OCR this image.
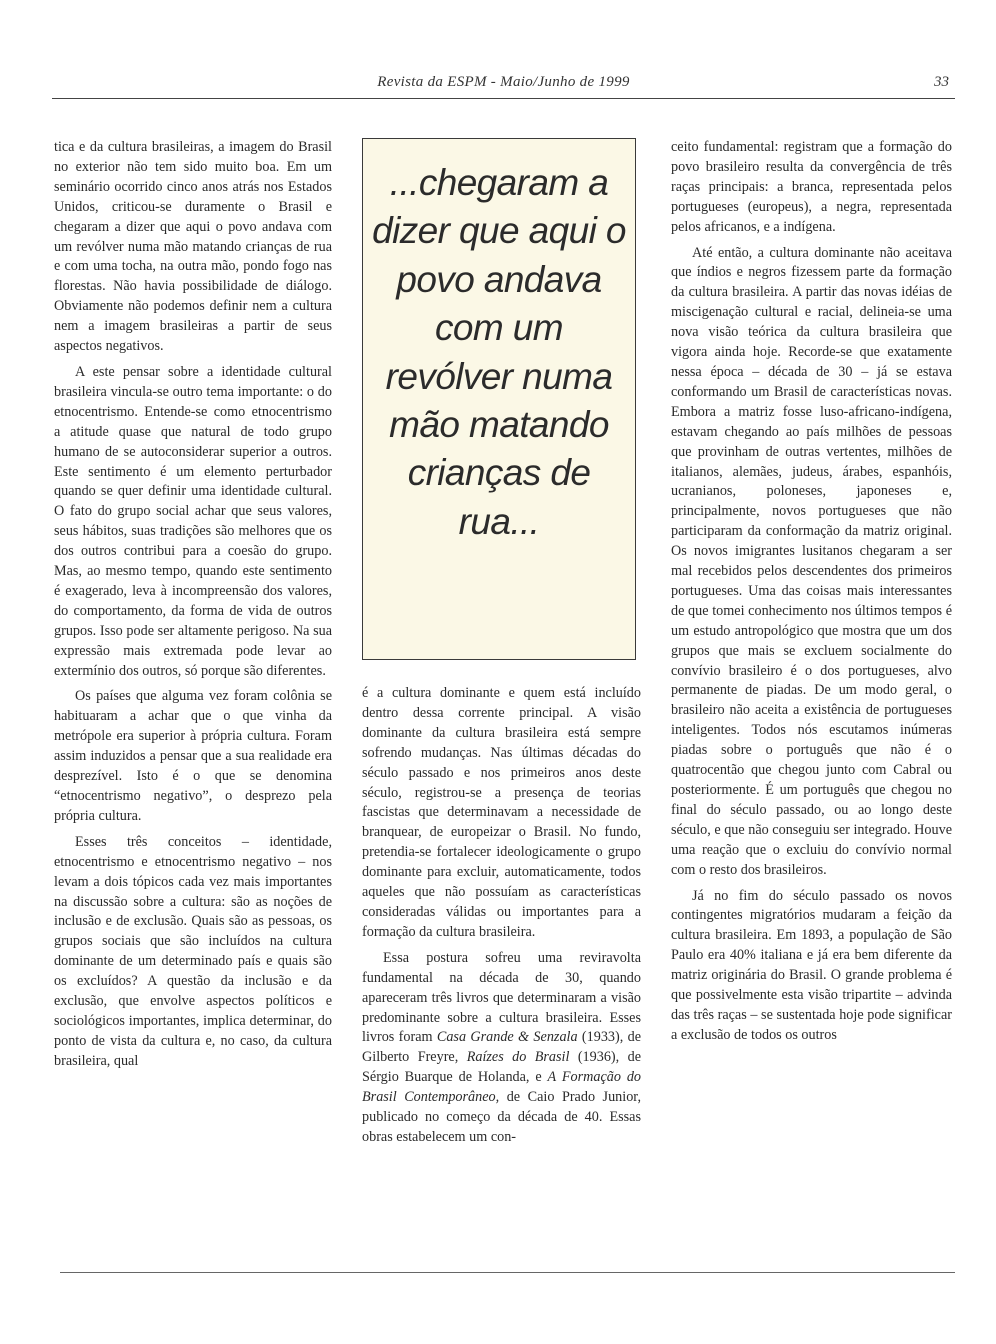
Revista da ESPM - Maio/Junho de 1999	33

tica e da cultura brasileiras, a imagem do Brasil no exterior não tem sido muito boa. Em um seminário ocorrido cinco anos atrás nos Estados Unidos, criticou-se duramente o Brasil e chegaram a dizer que aqui o povo andava com um revólver numa mão matando crianças de rua e com uma tocha, na outra mão, pondo fogo nas florestas. Não havia possibilidade de diálogo. Obviamente não podemos definir nem a cultura nem a imagem brasileiras a partir de seus aspectos negativos.

A este pensar sobre a identidade cultural brasileira vincula-se outro tema importante: o do etnocentrismo. Entende-se como etnocentrismo a atitude quase que natural de todo grupo humano de se autoconsiderar superior a outros. Este sentimento é um elemento perturbador quando se quer definir uma identidade cultural. O fato do grupo social achar que seus valores, seus hábitos, suas tradições são melhores que os dos outros contribui para a coesão do grupo. Mas, ao mesmo tempo, quando este sentimento é exagerado, leva à incompreensão dos valores, do comportamento, da forma de vida de outros grupos. Isso pode ser altamente perigoso. Na sua expressão mais extremada pode levar ao extermínio dos outros, só porque são diferentes.

Os países que alguma vez foram colônia se habituaram a achar que o que vinha da metrópole era superior à própria cultura. Foram assim induzidos a pensar que a sua realidade era desprezível. Isto é o que se denomina “etnocentrismo negativo”, o desprezo pela própria cultura.

Esses três conceitos – identidade, etnocentrismo e etnocentrismo negativo – nos levam a dois tópicos cada vez mais importantes na discussão sobre a cultura: são as noções de inclusão e de exclusão. Quais são as pessoas, os grupos sociais que são incluídos na cultura dominante de um determinado país e quais são os excluídos? A questão da inclusão e da exclusão, que envolve aspectos políticos e sociológicos importantes, implica determinar, do ponto de vista da cultura e, no caso, da cultura brasileira, qual

...chegaram a dizer que aqui o povo andava com um revólver numa mão matando crianças de rua...

é a cultura dominante e quem está incluído dentro dessa corrente principal. A visão dominante da cultura brasileira está sempre sofrendo mudanças. Nas últimas décadas do século passado e nos primeiros anos deste século, registrou-se a presença de teorias fascistas que determinavam a necessidade de branquear, de europeizar o Brasil. No fundo, pretendia-se fortalecer ideologicamente o grupo dominante para excluir, automaticamente, todos aqueles que não possuíam as características consideradas válidas ou importantes para a formação da cultura brasileira.

Essa postura sofreu uma reviravolta fundamental na década de 30, quando apareceram três livros que determinaram a visão predominante sobre a cultura brasileira. Esses livros foram Casa Grande & Senzala (1933), de Gilberto Freyre, Raízes do Brasil (1936), de Sérgio Buarque de Holanda, e A Formação do Brasil Contemporâneo, de Caio Prado Junior, publicado no começo da década de 40. Essas obras estabelecem um con-

ceito fundamental: registram que a formação do povo brasileiro resulta da convergência de três raças principais: a branca, representada pelos portugueses (europeus), a negra, representada pelos africanos, e a indígena.

Até então, a cultura dominante não aceitava que índios e negros fizessem parte da formação da cultura brasileira. A partir das novas idéias de miscigenação cultural e racial, delineia-se uma nova visão teórica da cultura brasileira que vigora ainda hoje. Recorde-se que exatamente nessa época – década de 30 – já se estava conformando um Brasil de características novas. Embora a matriz fosse luso-africano-indígena, estavam chegando ao país milhões de pessoas que provinham de outras vertentes, milhões de italianos, alemães, judeus, árabes, espanhóis, ucranianos, poloneses, japoneses e, principalmente, novos portugueses que não participaram da conformação da matriz original. Os novos imigrantes lusitanos chegaram a ser mal recebidos pelos descendentes dos primeiros portugueses. Uma das coisas mais interessantes de que tomei conhecimento nos últimos tempos é um estudo antropológico que mostra que um dos grupos que mais se excluem socialmente do convívio brasileiro é o dos portugueses, alvo permanente de piadas. De um modo geral, o brasileiro não aceita a existência de portugueses inteligentes. Todos nós escutamos inúmeras piadas sobre o português que não é o quatrocentão que chegou junto com Cabral ou posteriormente. É um português que chegou no final do século passado, ou ao longo deste século, e que não conseguiu ser integrado. Houve uma reação que o excluiu do convívio normal com o resto dos brasileiros.

Já no fim do século passado os novos contingentes migratórios mudaram a feição da cultura brasileira. Em 1893, a população de São Paulo era 40% italiana e já era bem diferente da matriz originária do Brasil. O grande problema é que possivelmente esta visão tripartite – advinda das três raças – se sustentada hoje pode significar a exclusão de todos os outros
